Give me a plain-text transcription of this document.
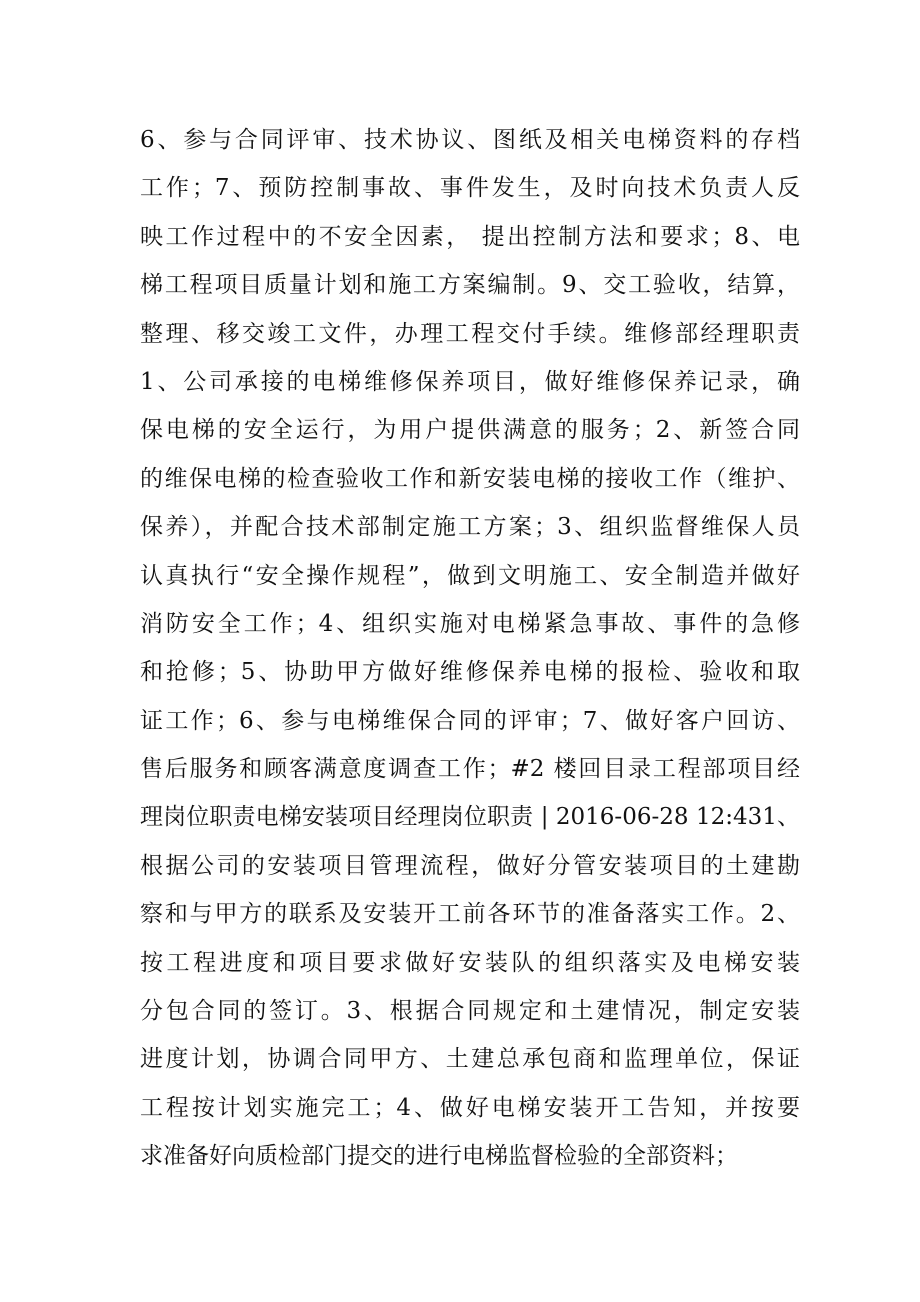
6、参与合同评审、技术协议、图纸及相关电梯资料的存档
工作；7、预防控制事故、事件发生，及时向技术负责人反
映工作过程中的不安全因素， 提出控制方法和要求；8、电
梯工程项目质量计划和施工方案编制。9、交工验收，结算，
整理、移交竣工文件，办理工程交付手续。维修部经理职责
1、公司承接的电梯维修保养项目，做好维修保养记录，确
保电梯的安全运行，为用户提供满意的服务；2、新签合同
的维保电梯的检查验收工作和新安装电梯的接收工作（维护、
保养），并配合技术部制定施工方案；3、组织监督维保人员
认真执行“安全操作规程”，做到文明施工、安全制造并做好
消防安全工作；4、组织实施对电梯紧急事故、事件的急修
和抢修；5、协助甲方做好维修保养电梯的报检、验收和取
证工作；6、参与电梯维保合同的评审；7、做好客户回访、
售后服务和顾客满意度调查工作；#2 楼回目录工程部项目经
理岗位职责电梯安装项目经理岗位职责 | 2016-06-28 12:431、
根据公司的安装项目管理流程，做好分管安装项目的土建勘
察和与甲方的联系及安装开工前各环节的准备落实工作。2、
按工程进度和项目要求做好安装队的组织落实及电梯安装
分包合同的签订。3、根据合同规定和土建情况，制定安装
进度计划，协调合同甲方、土建总承包商和监理单位，保证
工程按计划实施完工；4、做好电梯安装开工告知，并按要
求准备好向质检部门提交的进行电梯监督检验的全部资料；
